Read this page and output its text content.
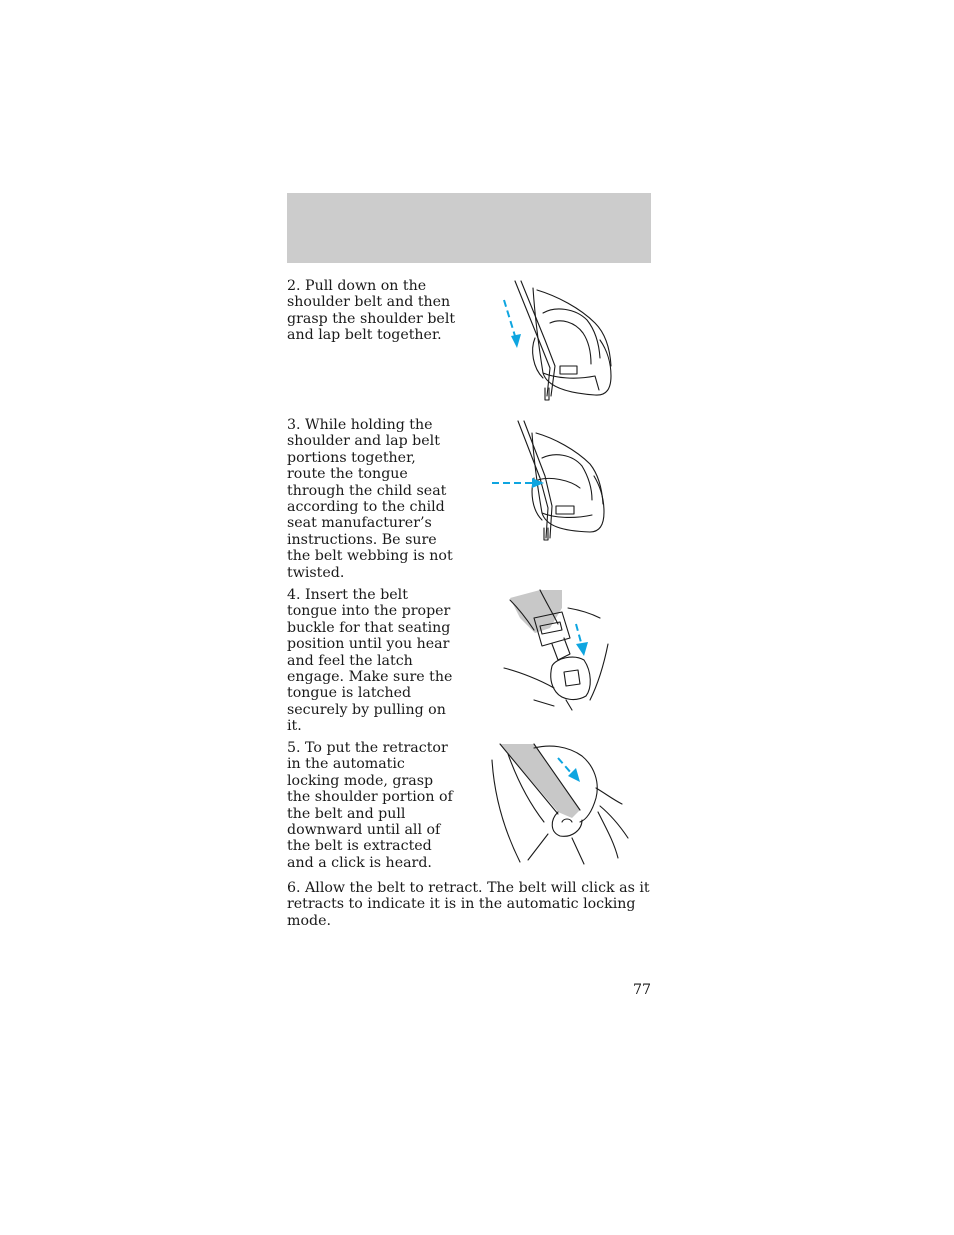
2. Pull down on the shoulder belt and then grasp the shoulder belt and lap belt together.
3. While holding the shoulder and lap belt portions together, route the tongue through the child seat according to the child seat manufacturer’s instructions. Be sure the belt webbing is not twisted.
4. Insert the belt tongue into the proper buckle for that seating position until you hear and feel the latch engage. Make sure the tongue is latched securely by pulling on it.
5. To put the retractor in the automatic locking mode, grasp the shoulder portion of the belt and pull downward until all of the belt is extracted and a click is heard.
6. Allow the belt to retract. The belt will click as it retracts to indicate it is in the automatic locking mode.
77
